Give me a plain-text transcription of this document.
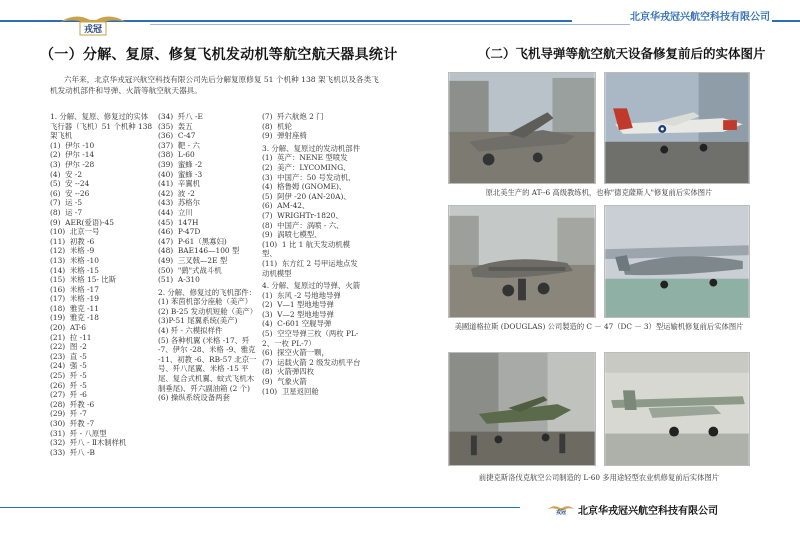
戎冠
北京华戎冠兴航空科技有限公司
（一）分解、复原、修复飞机发动机等航空航天器具统计
六年来，北京华戎冠兴航空科技有限公司先后分解复原修复 51 个机种 138 架飞机以及各类飞机发动机部件和导弹、火箭等航空航天器具。
1. 分解、复原、修复过的实体飞行器（飞机）51 个机种 138 架飞机
(1)  伊尔 -10
(2)  伊尔 -14
(3)  伊尔 -28
(4)  安 -2
(5)  安 --24
(6)  安 --26
(7)  运 -5
(8)  运 -7
(9)  AER(爱语)-45
(10)  北京一号
(11)  初教 -6
(12)  米格 -9
(13)  米格 -10
(14)  米格 -15
(15)  米格 15- 比斯
(16)  米格 -17
(17)  米格 -19
(18)  雅克 -11
(19)  雅克 -18
(20)  AT-6
(21)  拉 -11
(22)  图 -2
(23)  直 -5
(24)  强 -5
(25)  歼 -5
(26)  歼 -5
(27)  歼 -6
(28)  歼教 -6
(29)  歼 -7
(30)  歼教 -7
(31)  歼 - 八原型
(32)  歼八 - Ⅱ木制样机
(33)  歼八 -B
(34)  歼八 -E
(35)  轰五
(36)  C-47
(37)  靶 - 六
(38)  L-60
(39)  蜜蜂 -2
(40)  蜜蜂 -3
(41)  辛翼机
(42)  波 -2
(43)  苏格尔
(44)  立川
(45)  147H
(46)  P-47D
(47)  P-61（黑寡妇)
(48)  BAE146—100 型
(49)  三叉戟—2E 型
(50)  "鹞"式战斗机
(51)  A-310
2. 分解、修复过的飞机部件：
(1) 苯茵机部分座舱（美产）
(2) B-25 发动机短舱（美产）
(3)P-51 尾翼系统(美产)
(4) 歼 - 六模拟样件
(5) 各种机翼 (米格 -17、歼 -7、伊尔 -28、米格 -9、雅克 -11、初教 -6、RB-57 北京一号、歼八尾翼、米格 -15 平尾、复合式机翼、蚊式飞机木制垂尾)、歼六副油箱 (2 个)
(6) 操纵系统设备两套
(7)  歼六航炮 2 门
(8)  机轮
(9)  弹射座椅
3. 分解、复原过的发动机部件
(1)  英产：NENE 型喷发
(2)  美产：LYCOMING、
(3)  中国产：50 号发动机、
(4)  格鲁姆 (GNOME)、
(5)  阿伊 -20 (AN-20A)、
(6)  AM-42、
(7)  WRIGHTr-1820、
(8)  中国产：涡喷 - 六、
(9)  涡喷七模型、
(10)  1 比 1 航天发动机模型、
(11)  东方红 2 号甲运地点发动机模型
4. 分解、复原过的导弹、火箭
(1)  东风 -2 号地地导弹
(2)  V—1 型地地导弹
(3)  V—2 型地地导弹
(4)  C-601 空舰导弹
(5)  空空导弹三枚（两枚 PL-2、一枚 PL-7）
(6)  探空火箭一颗，
(7)  运载火箭 2 级发动机平台
(8)  火箭弹四枚
(9)  气象火箭
(10)  卫星返回舱
（二）飞机导弹等航空航天设备修复前后的实体图片
原北美生产的 AT--6 高级教练机，也称"德克薩斯人"修复前后实体图片
美國道格拉斯 (DOUGLAS) 公司製造的 C － 47（DC － 3）型运输机修复前后实体图片
前捷克斯洛伐克航空公司制造的 L-60 多用途轻型农业机修复前后实体图片
戎冠 北京华戎冠兴航空科技有限公司
